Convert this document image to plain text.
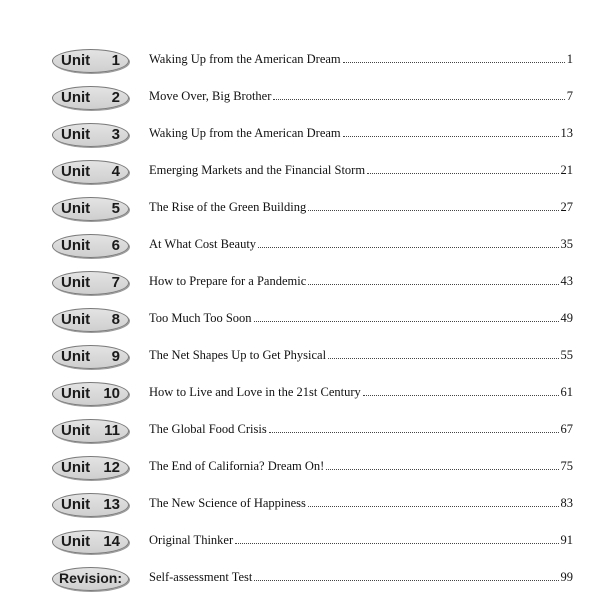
Unit 1 Waking Up from the American Dream	1
Unit 2 Move Over, Big Brother	7
Unit 3 Waking Up from the American Dream	13
Unit 4 Emerging Markets and the Financial Storm	21
Unit 5 The Rise of the Green Building	27
Unit 6 At What Cost Beauty	35
Unit 7 How to Prepare for a Pandemic	43
Unit 8 Too Much Too Soon	49
Unit 9 The Net Shapes Up to Get Physical	55
Unit 10 How to Live and Love in the 21st Century	61
Unit 11 The Global Food Crisis	67
Unit 12 The End of California? Dream On!	75
Unit 13 The New Science of Happiness	83
Unit 14 Original Thinker	91
Revision:	Self-assessment Test	99
